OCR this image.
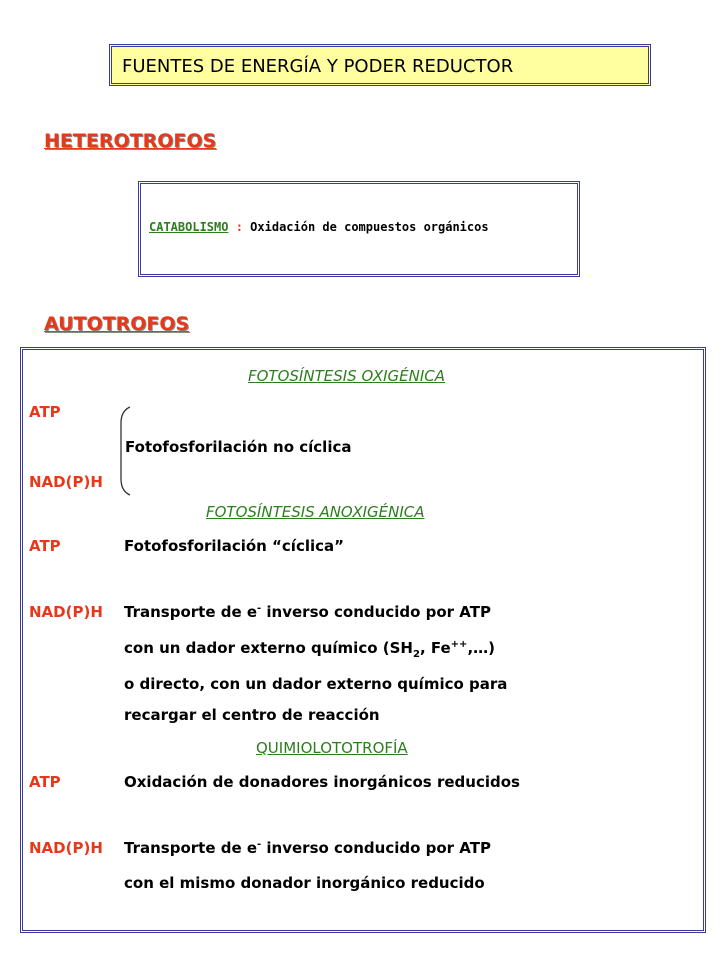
FUENTES DE ENERGÍA Y PODER REDUCTOR
HETEROTROFOS
CATABOLISMO : Oxidación de compuestos orgánicos
AUTOTROFOS
FOTOSÍNTESIS OXIGÉNICA
ATP
Fotofosforilación no cíclica
NAD(P)H
FOTOSÍNTESIS ANOXIGÉNICA
ATP	Fotofosforilación “cíclica”
NAD(P)H Transporte de e- inverso conducido por ATP
con un dador externo químico ($SH_2$, Fe++,…)
o directo, con un dador externo químico para
recargar el centro de reacción
QUIMIOLOTOTROFÍA
ATP	Oxidación de donadores inorgánicos reducidos
NAD(P)H Transporte de e- inverso conducido por ATP
con el mismo donador inorgánico reducido
